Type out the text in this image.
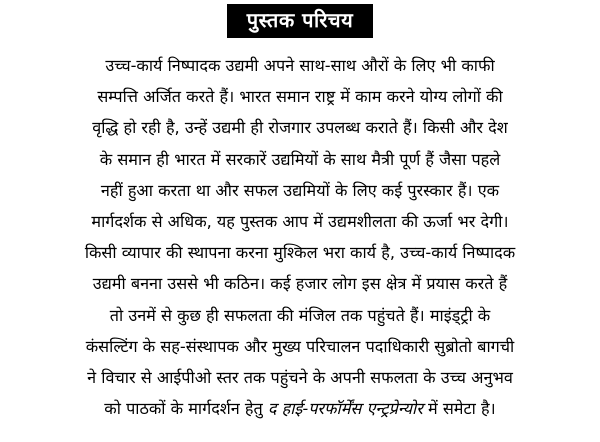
पुस्तक परिचय

उच्च-कार्य निष्पादक उद्यमी अपने साथ-साथ औरों के लिए भी काफी
सम्पत्ति अर्जित करते हैं। भारत समान राष्ट्र में काम करने योग्य लोगों की
वृद्धि हो रही है, उन्हें उद्यमी ही रोजगार उपलब्ध कराते हैं। किसी और देश
के समान ही भारत में सरकारें उद्यमियों के साथ मैत्री पूर्ण हैं जैसा पहले
नहीं हुआ करता था और सफल उद्यमियों के लिए कई पुरस्कार हैं। एक
मार्गदर्शक से अधिक, यह पुस्तक आप में उद्यमशीलता की ऊर्जा भर देगी।
किसी व्यापार की स्थापना करना मुश्किल भरा कार्य है, उच्च-कार्य निष्पादक
उद्यमी बनना उससे भी कठिन। कई हजार लोग इस क्षेत्र में प्रयास करते हैं
तो उनमें से कुछ ही सफलता की मंजिल तक पहुंचते हैं। माइंड्ट्री के
कंसल्टिंग के सह-संस्थापक और मुख्य परिचालन पदाधिकारी सुब्रोतो बागची
ने विचार से आईपीओ स्तर तक पहुंचने के अपनी सफलता के उच्च अनुभव
को पाठकों के मार्गदर्शन हेतु द हाई-परफॉर्मेंस एन्ट्रप्रेन्योर में समेटा है।
